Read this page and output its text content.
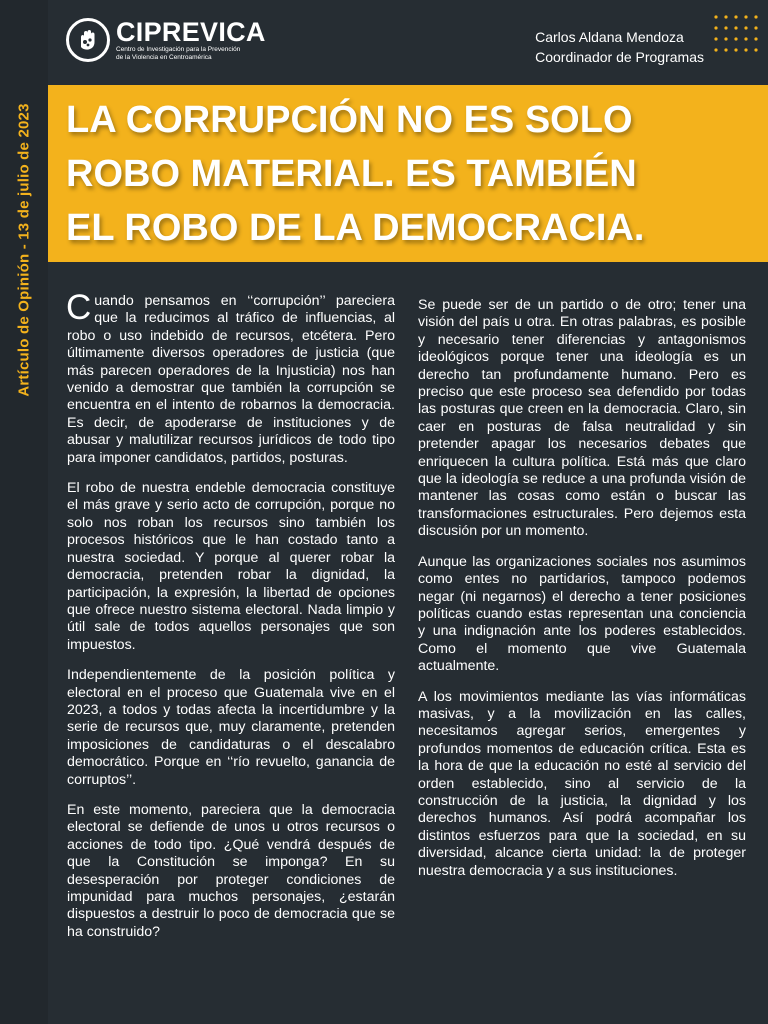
Artículo de Opinión - 13 de julio de 2023
CIPREVICA
Centro de Investigación para la Prevención
de la Violencia en Centroamérica
Carlos Aldana Mendoza
Coordinador de Programas
LA CORRUPCIÓN NO ES SOLO
ROBO MATERIAL. ES TAMBIÉN
EL ROBO DE LA DEMOCRACIA.

Cuando pensamos en ‘‘corrupción’’ pareciera que la reducimos al tráfico de influencias, al robo o uso indebido de recursos, etcétera. Pero últimamente diversos operadores de justicia (que más parecen operadores de la Injusticia) nos han venido a demostrar que también la corrupción se encuentra en el intento de robarnos la democracia. Es decir, de apoderarse de instituciones y de abusar y malutilizar recursos jurídicos de todo tipo para imponer candidatos, partidos, posturas.

El robo de nuestra endeble democracia constituye el más grave y serio acto de corrupción, porque no solo nos roban los recursos sino también los procesos históricos que le han costado tanto a nuestra sociedad. Y porque al querer robar la democracia, pretenden robar la dignidad, la participación, la expresión, la libertad de opciones que ofrece nuestro sistema electoral. Nada limpio y útil sale de todos aquellos personajes que son impuestos.

Independientemente de la posición política y electoral en el proceso que Guatemala vive en el 2023, a todos y todas afecta la incertidumbre y la serie de recursos que, muy claramente, pretenden imposiciones de candidaturas o el descalabro democrático. Porque en ‘‘río revuelto, ganancia de corruptos’’.

En este momento, pareciera que la democracia electoral se defiende de unos u otros recursos o acciones de todo tipo. ¿Qué vendrá después de que la Constitución se imponga? En su desesperación por proteger condiciones de impunidad para muchos personajes, ¿estarán dispuestos a destruir lo poco de democracia que se ha construido?

Se puede ser de un partido o de otro; tener una visión del país u otra. En otras palabras, es posible y necesario tener diferencias y antagonismos ideológicos porque tener una ideología es un derecho tan profundamente humano. Pero es preciso que este proceso sea defendido por todas las posturas que creen en la democracia. Claro, sin caer en posturas de falsa neutralidad y sin pretender apagar los necesarios debates que enriquecen la cultura política. Está más que claro que la ideología se reduce a una profunda visión de mantener las cosas como están o buscar las transformaciones estructurales. Pero dejemos esta discusión por un momento.

Aunque las organizaciones sociales nos asumimos como entes no partidarios, tampoco podemos negar (ni negarnos) el derecho a tener posiciones políticas cuando estas representan una conciencia y una indignación ante los poderes establecidos. Como el momento que vive Guatemala actualmente.

A los movimientos mediante las vías informáticas masivas, y a la movilización en las calles, necesitamos agregar serios, emergentes y profundos momentos de educación crítica. Esta es la hora de que la educación no esté al servicio del orden establecido, sino al servicio de la construcción de la justicia, la dignidad y los derechos humanos. Así podrá acompañar los distintos esfuerzos para que la sociedad, en su diversidad, alcance cierta unidad: la de proteger nuestra democracia y a sus instituciones.
